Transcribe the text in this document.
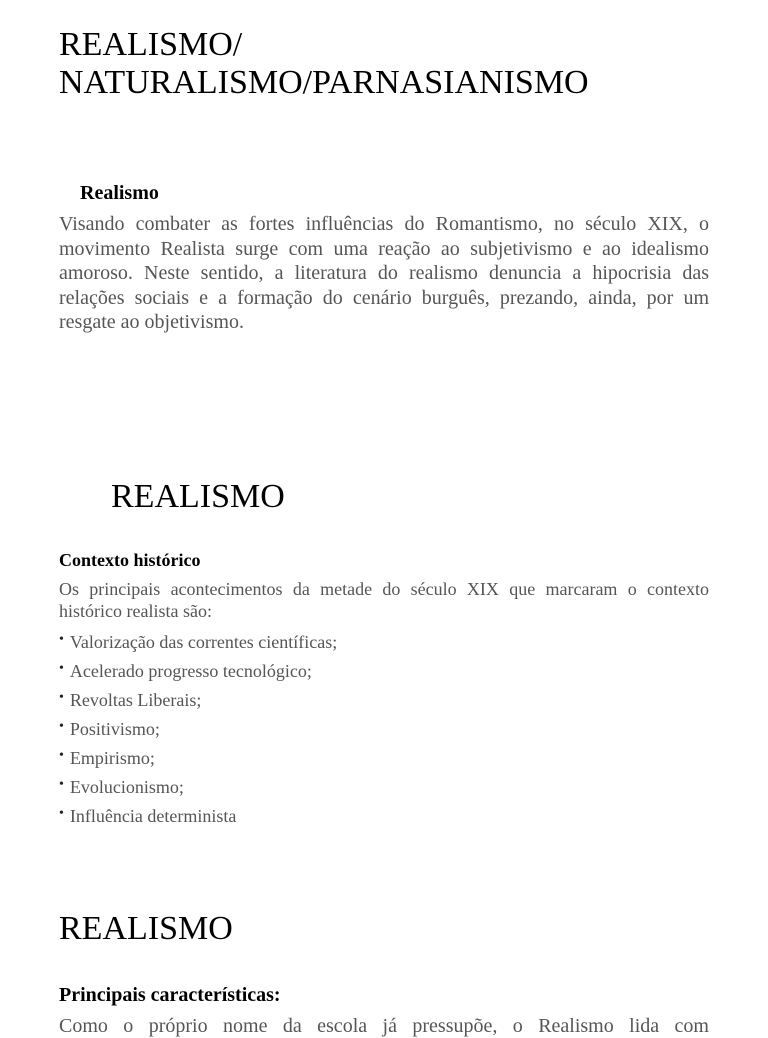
REALISMO/
NATURALISMO/PARNASIANISMO
Realismo

Visando combater as fortes influências do Romantismo, no século XIX, o movimento Realista surge com uma reação ao subjetivismo e ao idealismo amoroso. Neste sentido, a literatura do realismo denuncia a hipocrisia das relações sociais e a formação do cenário burguês, prezando, ainda, por um resgate ao objetivismo.

REALISMO
Contexto histórico

Os principais acontecimentos da metade do século XIX que marcaram o contexto histórico realista são:

• Valorização das correntes científicas;
• Acelerado progresso tecnológico;
• Revoltas Liberais;
• Positivismo;
• Empirismo;
• Evolucionismo;
• Influência determinista
REALISMO
Principais características:

Como o próprio nome da escola já pressupõe, o Realismo lida com
